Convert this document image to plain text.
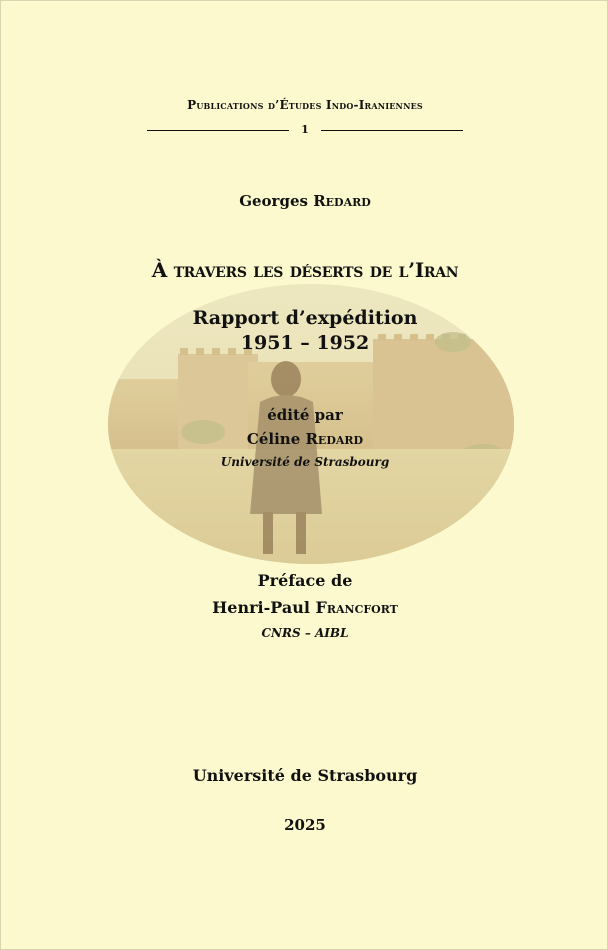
Publications d’Études Indo-Iraniennes
1
Georges Redard
À travers les déserts de l’Iran
Rapport d’expédition
1951 – 1952
édité par
Céline Redard
Université de Strasbourg
Préface de
Henri-Paul Francfort
CNRS – AIBL
Université de Strasbourg
2025
